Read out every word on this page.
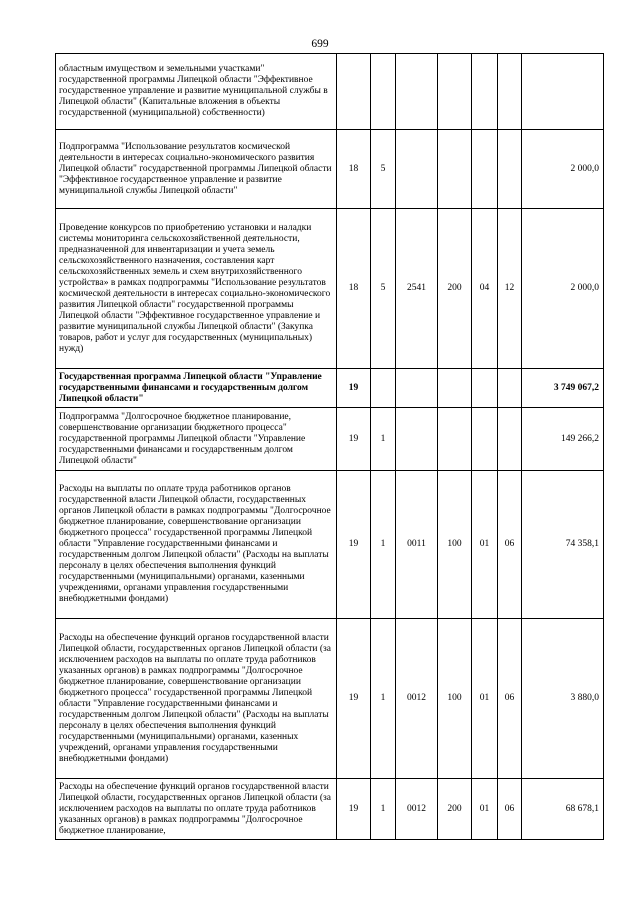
699
областным имуществом и земельными участками" государственной программы Липецкой области "Эффективное государственное управление и развитие муниципальной службы в Липецкой области" (Капитальные вложения в объекты государственной (муниципальной) собственности)							
Подпрограмма "Использование результатов космической деятельности в интересах социально-экономического развития Липецкой области" государственной программы Липецкой области "Эффективное государственное управление и развитие муниципальной службы Липецкой области"	18	5					2 000,0
Проведение конкурсов по приобретению установки и наладки системы мониторинга сельскохозяйственной деятельности, предназначенной для инвентаризации и учета земель сельскохозяйственного назначения, составления карт сельскохозяйственных земель и схем внутрихозяйственного устройства» в рамках подпрограммы "Использование результатов космической деятельности в интересах социально-экономического развития Липецкой области" государственной программы Липецкой области "Эффективное государственное управление и развитие муниципальной службы Липецкой области" (Закупка товаров, работ и услуг для государственных (муниципальных) нужд)	18	5	2541	200	04	12	2 000,0
Государственная программа Липецкой области "Управление государственными финансами и государственным долгом Липецкой области"	19						3 749 067,2
Подпрограмма "Долгосрочное бюджетное планирование, совершенствование организации бюджетного процесса" государственной программы Липецкой области "Управление государственными финансами и государственным долгом Липецкой области"	19	1					149 266,2
Расходы на выплаты по оплате труда работников органов государственной власти Липецкой области, государственных органов Липецкой области в рамках подпрограммы "Долгосрочное бюджетное планирование, совершенствование организации бюджетного процесса" государственной программы Липецкой области "Управление государственными финансами и государственным долгом Липецкой области" (Расходы на выплаты персоналу в целях обеспечения выполнения функций государственными (муниципальными) органами, казенными учреждениями, органами управления государственными внебюджетными фондами)	19	1	0011	100	01	06	74 358,1
Расходы на обеспечение функций органов государственной власти Липецкой области, государственных органов Липецкой области (за исключением расходов на выплаты по оплате труда работников указанных органов) в рамках подпрограммы "Долгосрочное бюджетное планирование, совершенствование организации бюджетного процесса" государственной программы Липецкой области "Управление государственными финансами и государственным долгом Липецкой области" (Расходы на выплаты персоналу в целях обеспечения выполнения функций государственными (муниципальными) органами, казенных учреждений, органами управления государственными внебюджетными фондами)	19	1	0012	100	01	06	3 880,0
Расходы на обеспечение функций органов государственной власти Липецкой области, государственных органов Липецкой области (за исключением расходов на выплаты по оплате труда работников указанных органов) в рамках подпрограммы "Долгосрочное бюджетное планирование,	19	1	0012	200	01	06	68 678,1
